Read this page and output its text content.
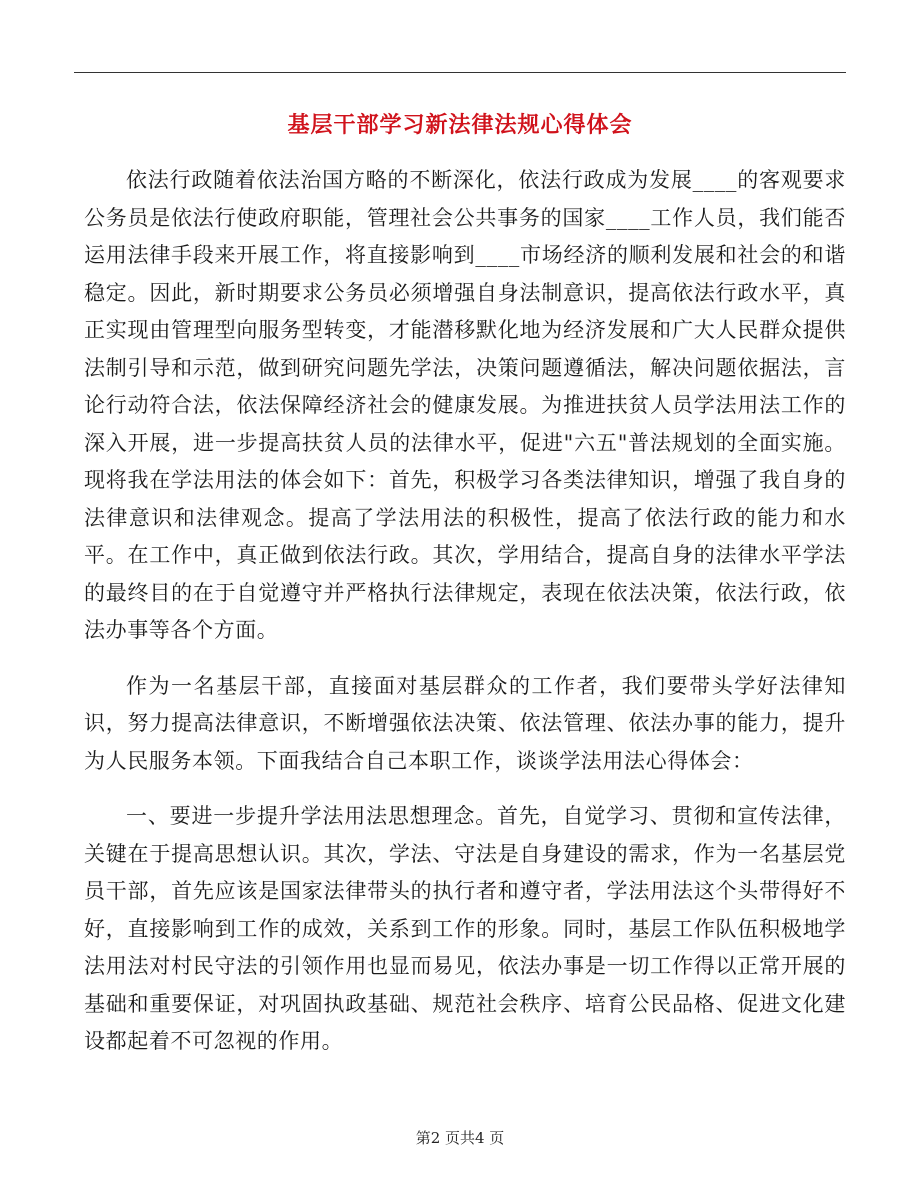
基层干部学习新法律法规心得体会

依法行政随着依法治国方略的不断深化，依法行政成为发展____的客观要求公务员是依法行使政府职能，管理社会公共事务的国家____工作人员，我们能否运用法律手段来开展工作，将直接影响到____市场经济的顺利发展和社会的和谐稳定。因此，新时期要求公务员必须增强自身法制意识，提高依法行政水平，真正实现由管理型向服务型转变，才能潜移默化地为经济发展和广大人民群众提供法制引导和示范，做到研究问题先学法，决策问题遵循法，解决问题依据法，言论行动符合法，依法保障经济社会的健康发展。为推进扶贫人员学法用法工作的深入开展，进一步提高扶贫人员的法律水平，促进"六五"普法规划的全面实施。现将我在学法用法的体会如下：首先，积极学习各类法律知识，增强了我自身的法律意识和法律观念。提高了学法用法的积极性，提高了依法行政的能力和水平。在工作中，真正做到依法行政。其次，学用结合，提高自身的法律水平学法的最终目的在于自觉遵守并严格执行法律规定，表现在依法决策，依法行政，依法办事等各个方面。

作为一名基层干部，直接面对基层群众的工作者，我们要带头学好法律知识，努力提高法律意识，不断增强依法决策、依法管理、依法办事的能力，提升为人民服务本领。下面我结合自己本职工作，谈谈学法用法心得体会：

一、要进一步提升学法用法思想理念。首先，自觉学习、贯彻和宣传法律，关键在于提高思想认识。其次，学法、守法是自身建设的需求，作为一名基层党员干部，首先应该是国家法律带头的执行者和遵守者，学法用法这个头带得好不好，直接影响到工作的成效，关系到工作的形象。同时，基层工作队伍积极地学法用法对村民守法的引领作用也显而易见，依法办事是一切工作得以正常开展的基础和重要保证，对巩固执政基础、规范社会秩序、培育公民品格、促进文化建设都起着不可忽视的作用。

第2 页共4 页
